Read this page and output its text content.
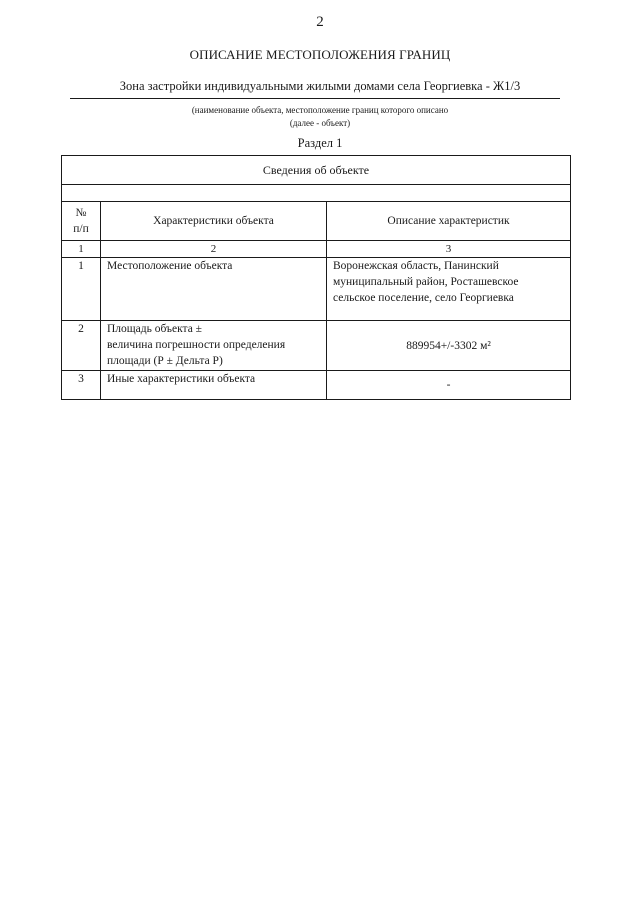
2
ОПИСАНИЕ МЕСТОПОЛОЖЕНИЯ ГРАНИЦ
Зона застройки индивидуальными жилыми домами села Георгиевка - Ж1/3
(наименование объекта, местоположение границ которого описано
(далее - объект)
Раздел 1
Сведения об объекте		

№
п/п	Характеристики объекта	Описание характеристик
1	2	3
1	Местоположение объекта	Воронежская область, Панинский
муниципальный район, Росташевское
сельское поселение, село Георгиевка

2	Площадь объекта ±
величина погрешности определения
площади (Р ± Дельта Р)	889954+/-3302 м²

3	Иные характеристики объекта	-
